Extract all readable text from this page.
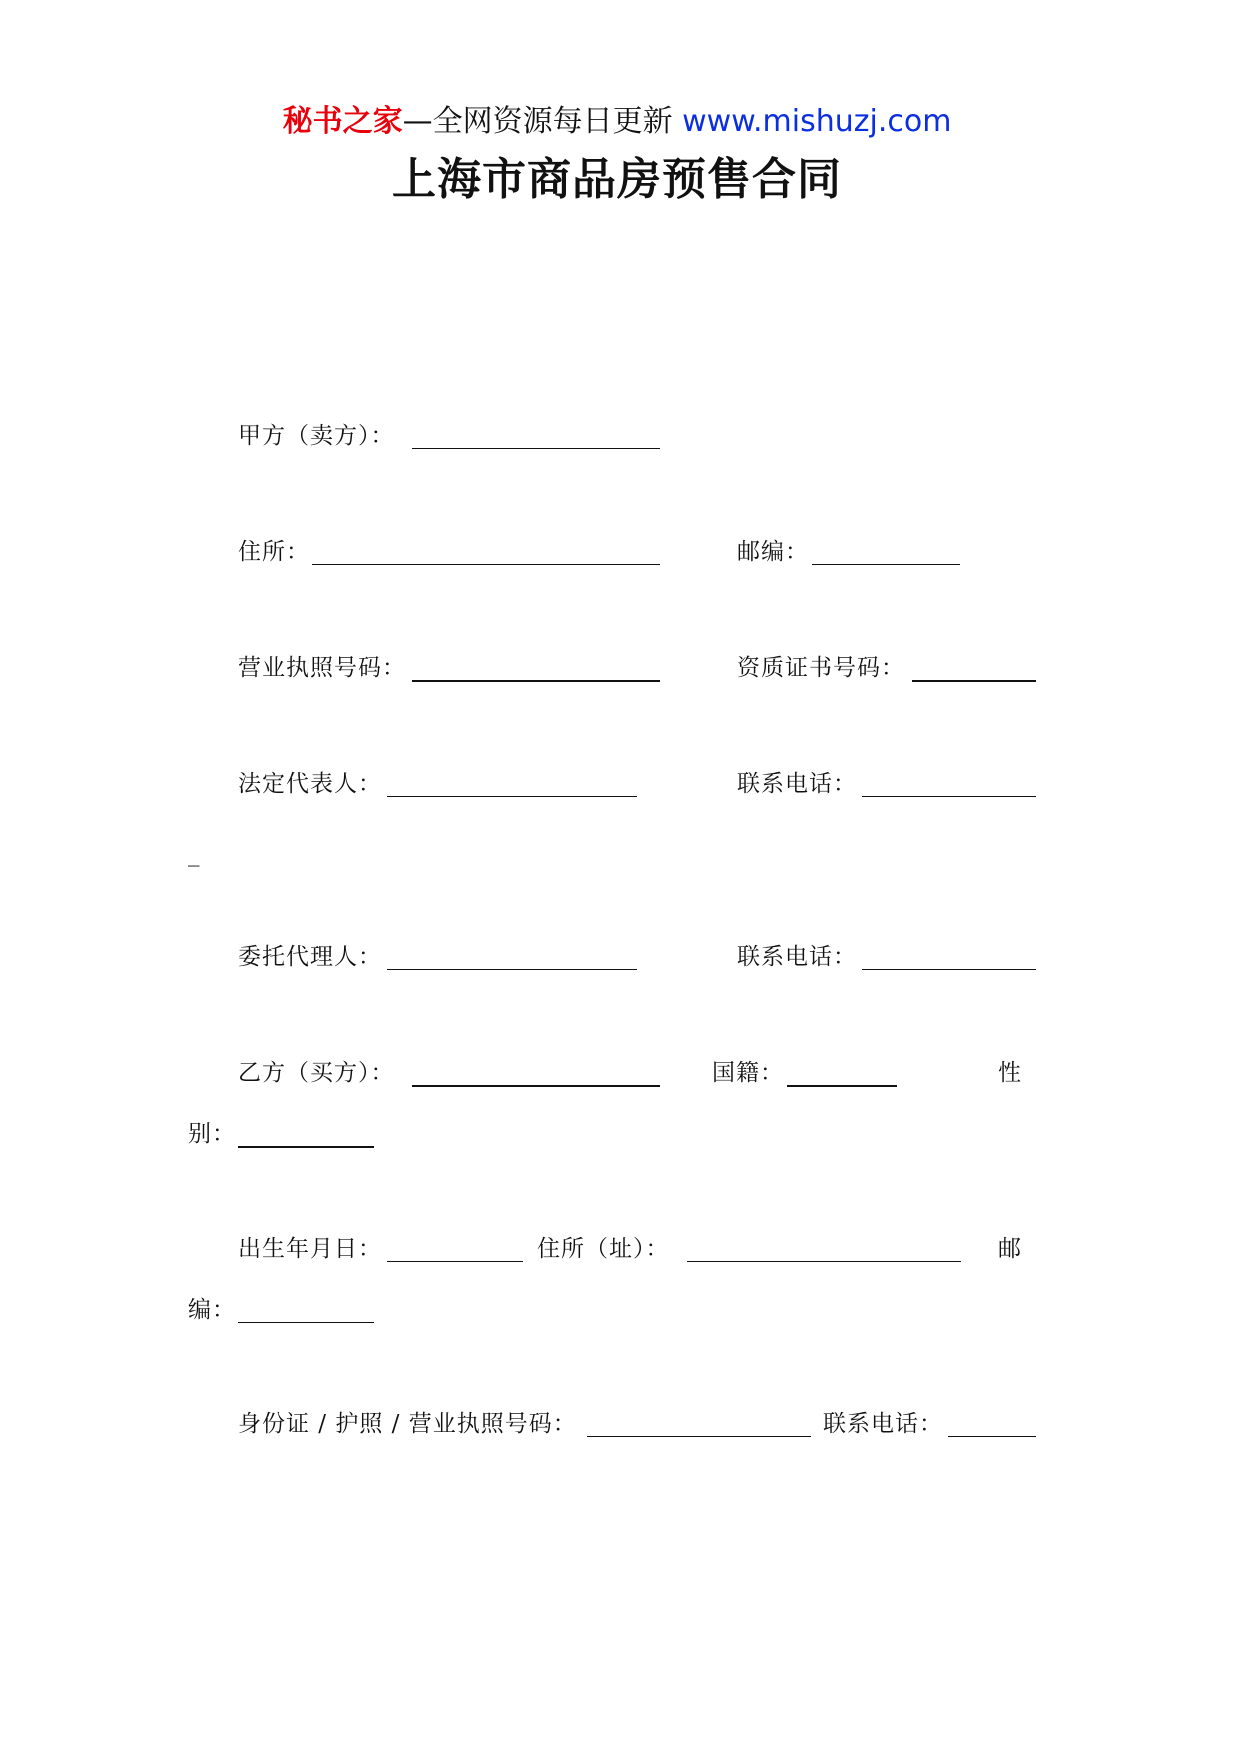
秘书之家—全网资源每日更新 www.mishuzj.com
上海市商品房预售合同
甲方（卖方）：
住所：	邮编：
营业执照号码：	资质证书号码：
法定代表人：	联系电话：
_
委托代理人：	联系电话：
乙方（买方）：	国籍：	性
别：
出生年月日：	住所（址）：	邮
编：
身份证 / 护照 / 营业执照号码：	联系电话：
